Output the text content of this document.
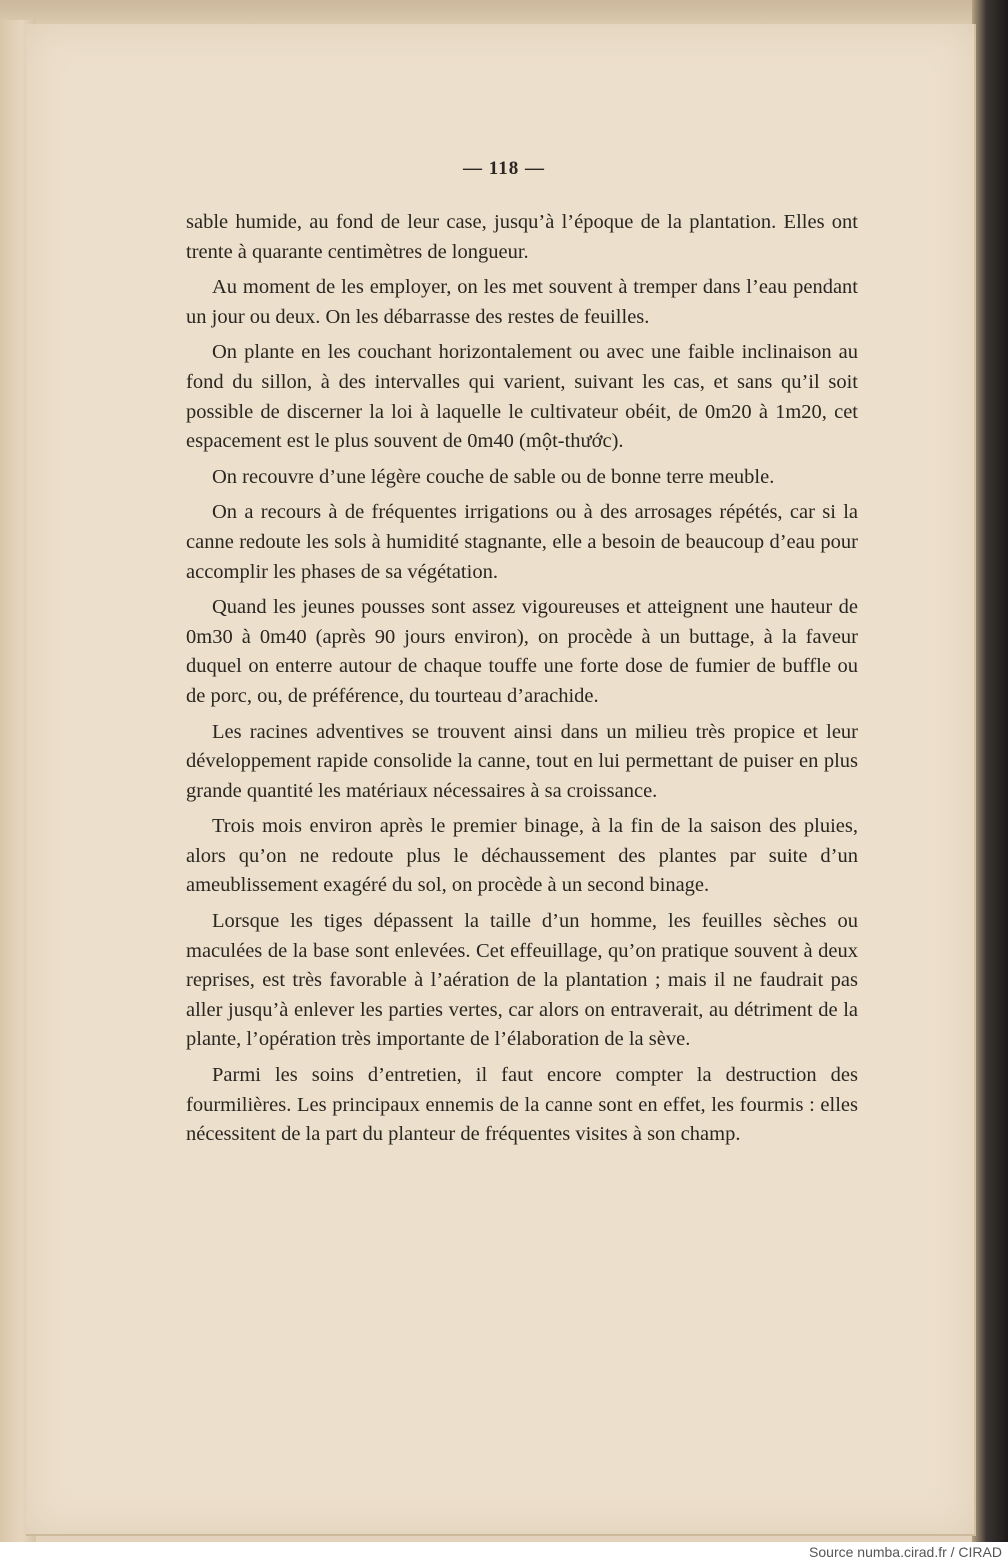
— 118 —

sable humide, au fond de leur case, jusqu’à l’époque de la plantation. Elles ont trente à quarante centimètres de longueur.

Au moment de les employer, on les met souvent à tremper dans l’eau pendant un jour ou deux. On les débarrasse des restes de feuilles.

On plante en les couchant horizontalement ou avec une faible inclinaison au fond du sillon, à des intervalles qui varient, suivant les cas, et sans qu’il soit possible de discerner la loi à laquelle le cultivateur obéit, de 0m20 à 1m20, cet espacement est le plus souvent de 0m40 (một-thước).

On recouvre d’une légère couche de sable ou de bonne terre meuble.

On a recours à de fréquentes irrigations ou à des arrosages répétés, car si la canne redoute les sols à humidité stagnante, elle a besoin de beaucoup d’eau pour accomplir les phases de sa végétation.

Quand les jeunes pousses sont assez vigoureuses et atteignent une hauteur de 0m30 à 0m40 (après 90 jours environ), on procède à un buttage, à la faveur duquel on enterre autour de chaque touffe une forte dose de fumier de buffle ou de porc, ou, de préférence, du tourteau d’arachide.

Les racines adventives se trouvent ainsi dans un milieu très propice et leur développement rapide consolide la canne, tout en lui permettant de puiser en plus grande quantité les matériaux nécessaires à sa croissance.

Trois mois environ après le premier binage, à la fin de la saison des pluies, alors qu’on ne redoute plus le déchaussement des plantes par suite d’un ameublissement exagéré du sol, on procède à un second binage.

Lorsque les tiges dépassent la taille d’un homme, les feuilles sèches ou maculées de la base sont enlevées. Cet effeuillage, qu’on pratique souvent à deux reprises, est très favorable à l’aération de la plantation ; mais il ne faudrait pas aller jusqu’à enlever les parties vertes, car alors on entraverait, au détriment de la plante, l’opération très importante de l’élaboration de la sève.

Parmi les soins d’entretien, il faut encore compter la destruction des fourmilières. Les principaux ennemis de la canne sont en effet, les fourmis : elles nécessitent de la part du planteur de fréquentes visites à son champ.

Source numba.cirad.fr / CIRAD
